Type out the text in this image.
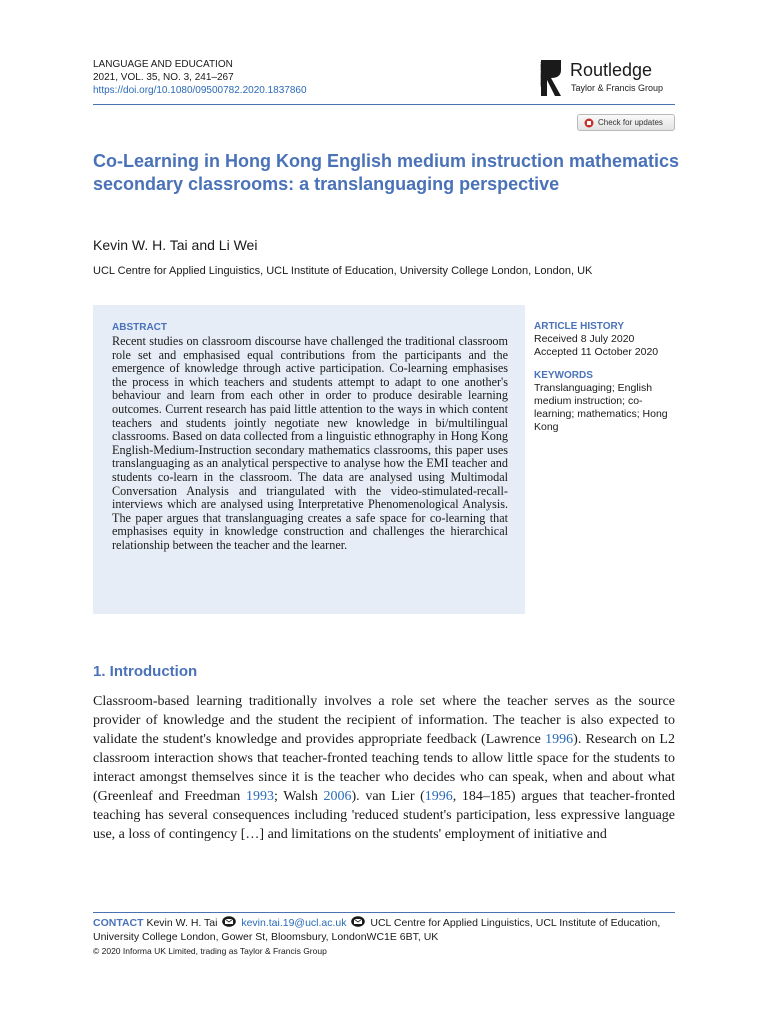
LANGUAGE AND EDUCATION
2021, VOL. 35, NO. 3, 241–267
https://doi.org/10.1080/09500782.2020.1837860
ROUTLEDGE Routledge
Taylor & Francis Group
Check for updates
Co-Learning in Hong Kong English medium instruction mathematics secondary classrooms: a translanguaging perspective
Kevin W. H. Tai and Li Wei
UCL Centre for Applied Linguistics, UCL Institute of Education, University College London, London, UK
ABSTRACT

Recent studies on classroom discourse have challenged the traditional classroom role set and emphasised equal contributions from the participants and the emergence of knowledge through active participation. Co-learning emphasises the process in which teachers and students attempt to adapt to one another's behaviour and learn from each other in order to produce desirable learning outcomes. Current research has paid little attention to the ways in which content teachers and students jointly negotiate new knowledge in bi/multilingual classrooms. Based on data collected from a linguistic ethnography in Hong Kong English-Medium-Instruction secondary mathematics classrooms, this paper uses translanguaging as an analytical perspective to analyse how the EMI teacher and students co-learn in the classroom. The data are analysed using Multimodal Conversation Analysis and triangulated with the video-stimulated-recall-interviews which are analysed using Interpretative Phenomenological Analysis. The paper argues that translanguaging creates a safe space for co-learning that emphasises equity in knowledge construction and challenges the hierarchical relationship between the teacher and the learner.

ARTICLE HISTORY
Received 8 July 2020
Accepted 11 October 2020
KEYWORDS
Translanguaging; English medium instruction; co-learning; mathematics; Hong Kong
1. Introduction

Classroom-based learning traditionally involves a role set where the teacher serves as the source provider of knowledge and the student the recipient of information. The teacher is also expected to validate the student's knowledge and provides appropriate feedback (Lawrence 1996). Research on L2 classroom interaction shows that teacher-fronted teaching tends to allow little space for the students to interact amongst themselves since it is the teacher who decides who can speak, when and about what (Greenleaf and Freedman 1993; Walsh 2006). van Lier (1996, 184–185) argues that teacher-fronted teaching has several consequences including 'reduced student's participation, less expressive language use, a loss of contingency […] and limitations on the students' employment of initiative and

CONTACT Kevin W. H. Tai kevin.tai.19@ucl.ac.uk UCL Centre for Applied Linguistics, UCL Institute of Education, University College London, Gower St, Bloomsbury, LondonWC1E 6BT, UK
© 2020 Informa UK Limited, trading as Taylor & Francis Group
